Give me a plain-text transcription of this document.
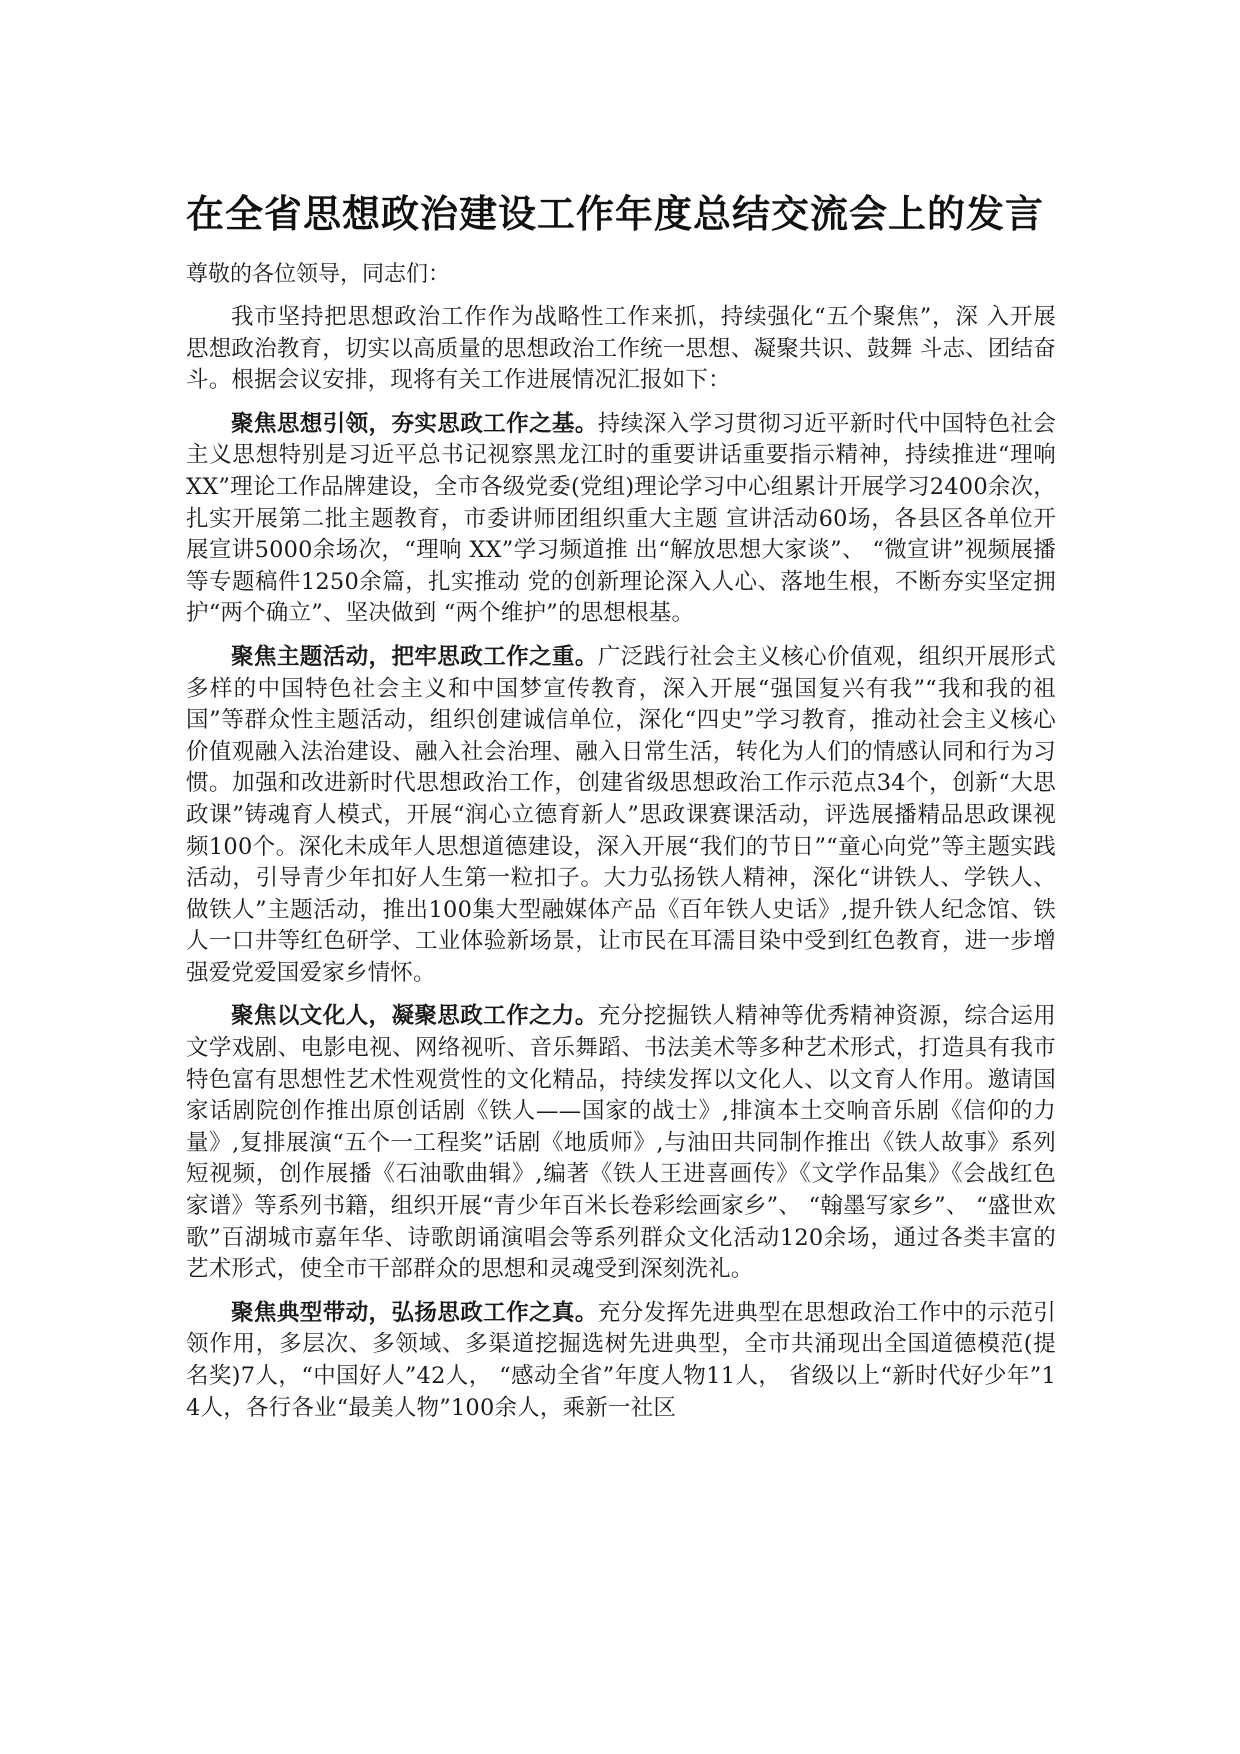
在全省思想政治建设工作年度总结交流会上的发言

尊敬的各位领导，同志们：

我市坚持把思想政治工作作为战略性工作来抓，持续强化“五个聚焦”，深 入开展思想政治教育，切实以高质量的思想政治工作统一思想、凝聚共识、鼓舞 斗志、团结奋斗。根据会议安排，现将有关工作进展情况汇报如下：

聚焦思想引领，夯实思政工作之基。持续深入学习贯彻习近平新时代中国特色社会主义思想特别是习近平总书记视察黑龙江时的重要讲话重要指示精神，持续推进“理响 XX”理论工作品牌建设，全市各级党委(党组)理论学习中心组累计开展学习2400余次，扎实开展第二批主题教育，市委讲师团组织重大主题 宣讲活动60场，各县区各单位开展宣讲5000余场次，“理响 XX”学习频道推 出“解放思想大家谈”、 “微宣讲”视频展播等专题稿件1250余篇，扎实推动 党的创新理论深入人心、落地生根，不断夯实坚定拥护“两个确立”、坚决做到 “两个维护”的思想根基。

聚焦主题活动，把牢思政工作之重。广泛践行社会主义核心价值观，组织开展形式多样的中国特色社会主义和中国梦宣传教育，深入开展“强国复兴有我”“我和我的祖国”等群众性主题活动，组织创建诚信单位，深化“四史”学习教育，推动社会主义核心价值观融入法治建设、融入社会治理、融入日常生活，转化为人们的情感认同和行为习惯。加强和改进新时代思想政治工作，创建省级思想政治工作示范点34个，创新“大思政课”铸魂育人模式，开展“润心立德育新人”思政课赛课活动，评选展播精品思政课视频100个。深化未成年人思想道德建设，深入开展“我们的节日”“童心向党”等主题实践活动，引导青少年扣好人生第一粒扣子。大力弘扬铁人精神，深化“讲铁人、学铁人、做铁人”主题活动，推出100集大型融媒体产品《百年铁人史话》,提升铁人纪念馆、铁人一口井等红色研学、工业体验新场景，让市民在耳濡目染中受到红色教育，进一步增强爱党爱国爱家乡情怀。

聚焦以文化人，凝聚思政工作之力。充分挖掘铁人精神等优秀精神资源，综合运用文学戏剧、电影电视、网络视听、音乐舞蹈、书法美术等多种艺术形式，打造具有我市特色富有思想性艺术性观赏性的文化精品，持续发挥以文化人、以文育人作用。邀请国家话剧院创作推出原创话剧《铁人——国家的战士》,排演本土交响音乐剧《信仰的力量》,复排展演“五个一工程奖”话剧《地质师》,与油田共同制作推出《铁人故事》系列短视频，创作展播《石油歌曲辑》,编著《铁人王进喜画传》《文学作品集》《会战红色家谱》等系列书籍，组织开展“青少年百米长卷彩绘画家乡”、 “翰墨写家乡”、 “盛世欢歌”百湖城市嘉年华、诗歌朗诵演唱会等系列群众文化活动120余场，通过各类丰富的艺术形式，使全市干部群众的思想和灵魂受到深刻洗礼。

聚焦典型带动，弘扬思政工作之真。充分发挥先进典型在思想政治工作中的示范引领作用，多层次、多领域、多渠道挖掘选树先进典型，全市共涌现出全国道德模范(提名奖)7人，“中国好人”42人， “感动全省”年度人物11人， 省级以上“新时代好少年”14人，各行各业“最美人物”100余人，乘新一社区
